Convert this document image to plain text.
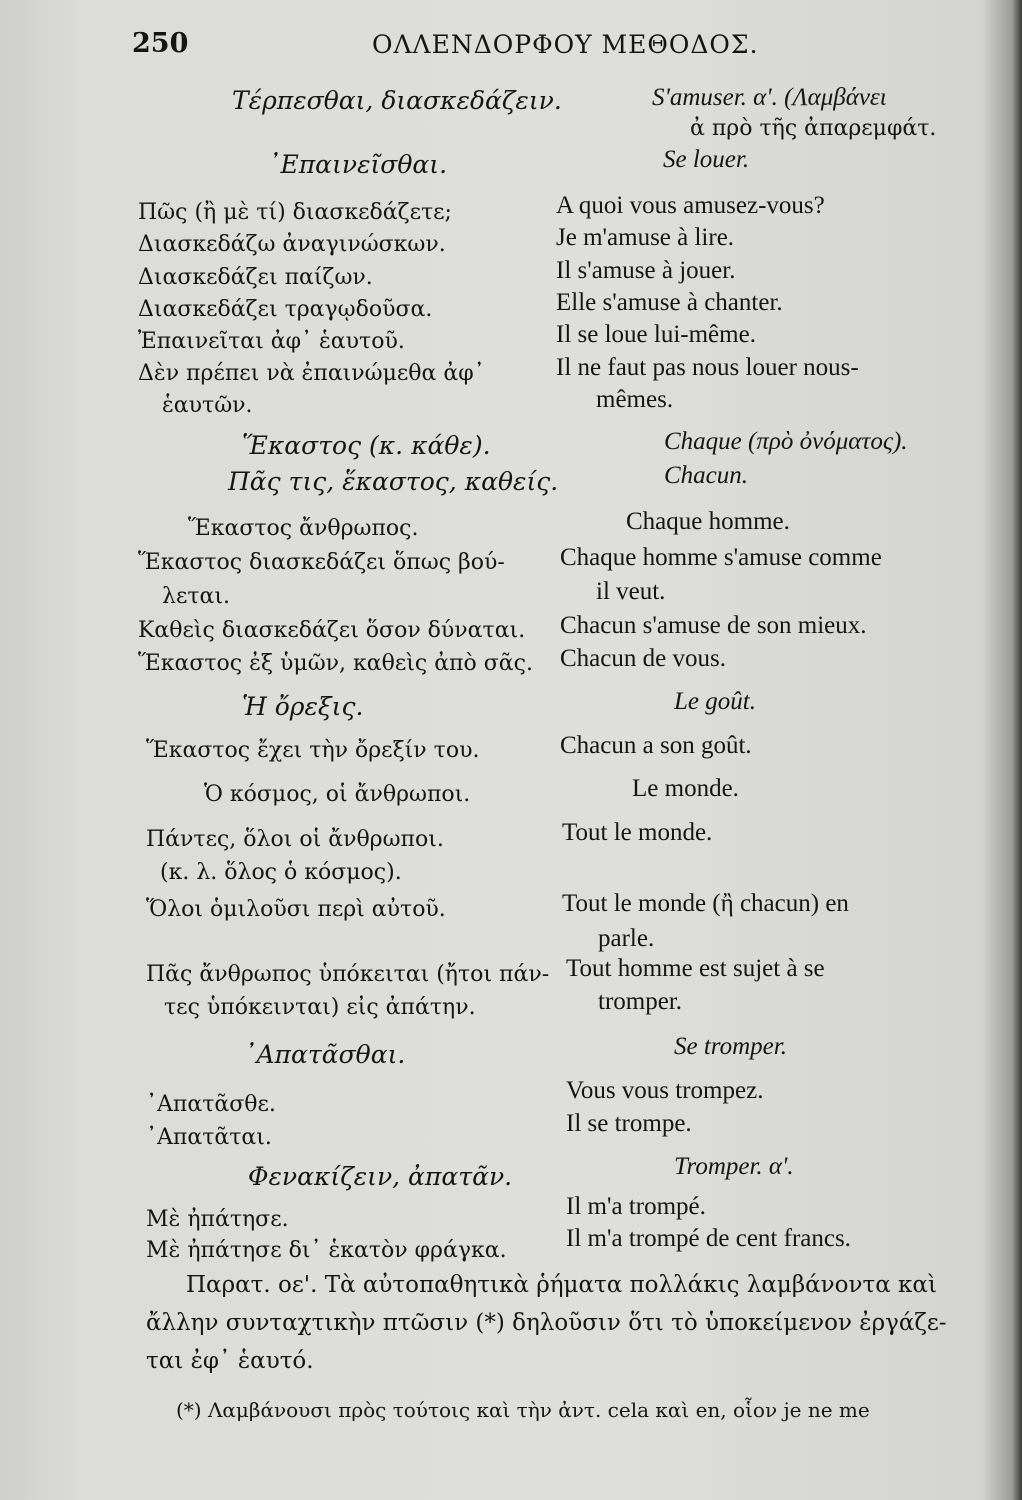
250	ΟΛΛΕΝΔΟΡΦΟΥ ΜΕΘΟΔΟΣ.
Τέρπεσθαι, διασκεδάζειν.
᾿Επαινεῖσθαι.
Πῶς (ἢ μὲ τί) διασκεδάζετε;
Διασκεδάζω ἀναγινώσκων.
Διασκεδάζει παίζων.
Διασκεδάζει τραγῳδοῦσα.
Ἐπαινεῖται ἀφ᾽ ἑαυτοῦ.
Δὲν πρέπει νὰ ἐπαινώμεθα ἀφ᾽
ἑαυτῶν.
Ἕκαστος (κ. κάθε).
Πᾶς τις, ἕκαστος, καθείς.
Ἕκαστος ἄνθρωπος.
Ἕκαστος διασκεδάζει ὅπως βού-
λεται.
Καθεὶς διασκεδάζει ὅσον δύναται.
Ἕκαστος ἐξ ὑμῶν, καθεὶς ἀπὸ σᾶς.
Ἡ ὄρεξις.
Ἕκαστος ἔχει τὴν ὄρεξίν του.
Ὁ κόσμος, οἱ ἄνθρωποι.
Πάντες, ὅλοι οἱ ἄνθρωποι.
(κ. λ. ὅλος ὁ κόσμος).
Ὅλοι ὁμιλοῦσι περὶ αὐτοῦ.
Πᾶς ἄνθρωπος ὑπόκειται (ἤτοι πάν-
τες ὑπόκεινται) εἰς ἀπάτην.
᾿Απατᾶσθαι.
᾿Απατᾶσθε.
᾿Απατᾶται.
Φενακίζειν, ἀπατᾶν.
Μὲ ἠπάτησε.
Μὲ ἠπάτησε δι᾽ ἑκατὸν φράγκα.
S'amuser. α'. (Λαμβάνει
ἀ πρὸ τῆς ἀπαρεμφάτ.
Se louer.
A quoi vous amusez-vous?
Je m'amuse à lire.
Il s'amuse à jouer.
Elle s'amuse à chanter.
Il se loue lui-même.
Il ne faut pas nous louer nous-
mêmes.
Chaque (πρὸ ὀνόματος).
Chacun.
Chaque homme.
Chaque homme s'amuse comme
il veut.
Chacun s'amuse de son mieux.
Chacun de vous.
Le goût.
Chacun a son goût.
Le monde.
Tout le monde.
Tout le monde (ἢ chacun) en
parle.
Tout homme est sujet à se
tromper.
Se tromper.
Vous vous trompez.
Il se trompe.
Tromper. α'.
Il m'a trompé.
Il m'a trompé de cent francs.
Παρατ. οε'. Τὰ αὐτοπαθητικὰ ῥήματα πολλάκις λαμβάνοντα καὶ
ἄλλην συνταχτικὴν πτῶσιν (*) δηλοῦσιν ὅτι τὸ ὑποκείμενον ἐργάζε-
ται ἐφ᾽ ἑαυτό.
(*) Λαμβάνουσι πρὸς τούτοις καὶ τὴν ἀντ. cela καὶ en, οἷον je ne me
